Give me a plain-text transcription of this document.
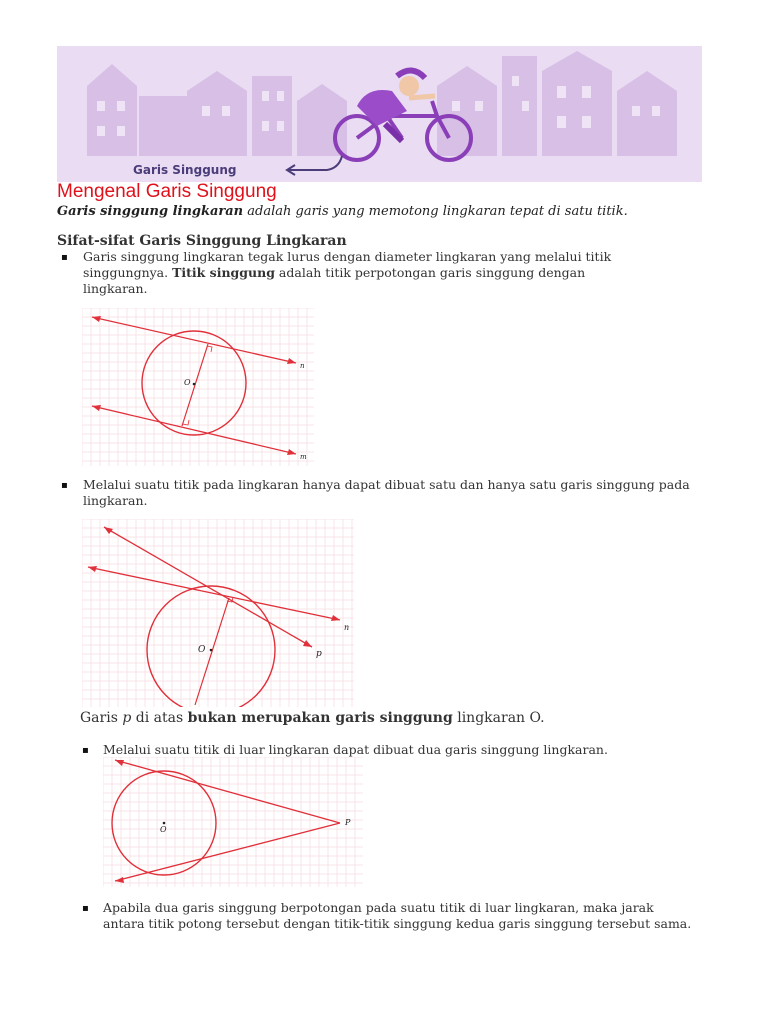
Garis Singgung
Mengenal Garis Singgung
Garis singgung lingkaran adalah garis yang memotong lingkaran tepat di satu titik.
Sifat-sifat Garis Singgung Lingkaran
▪ Garis singgung lingkaran tegak lurus dengan diameter lingkaran yang melalui titik
singgungnya. Titik singgung adalah titik perpotongan garis singgung dengan
lingkaran.
O
n
m
▪ Melalui suatu titik pada lingkaran hanya dapat dibuat satu dan hanya satu garis singgung pada
lingkaran.
O
n
p
Garis p di atas bukan merupakan garis singgung lingkaran O.
▪ Melalui suatu titik di luar lingkaran dapat dibuat dua garis singgung lingkaran.
O
P
▪ Apabila dua garis singgung berpotongan pada suatu titik di luar lingkaran, maka jarak
antara titik potong tersebut dengan titik-titik singgung kedua garis singgung tersebut sama.
